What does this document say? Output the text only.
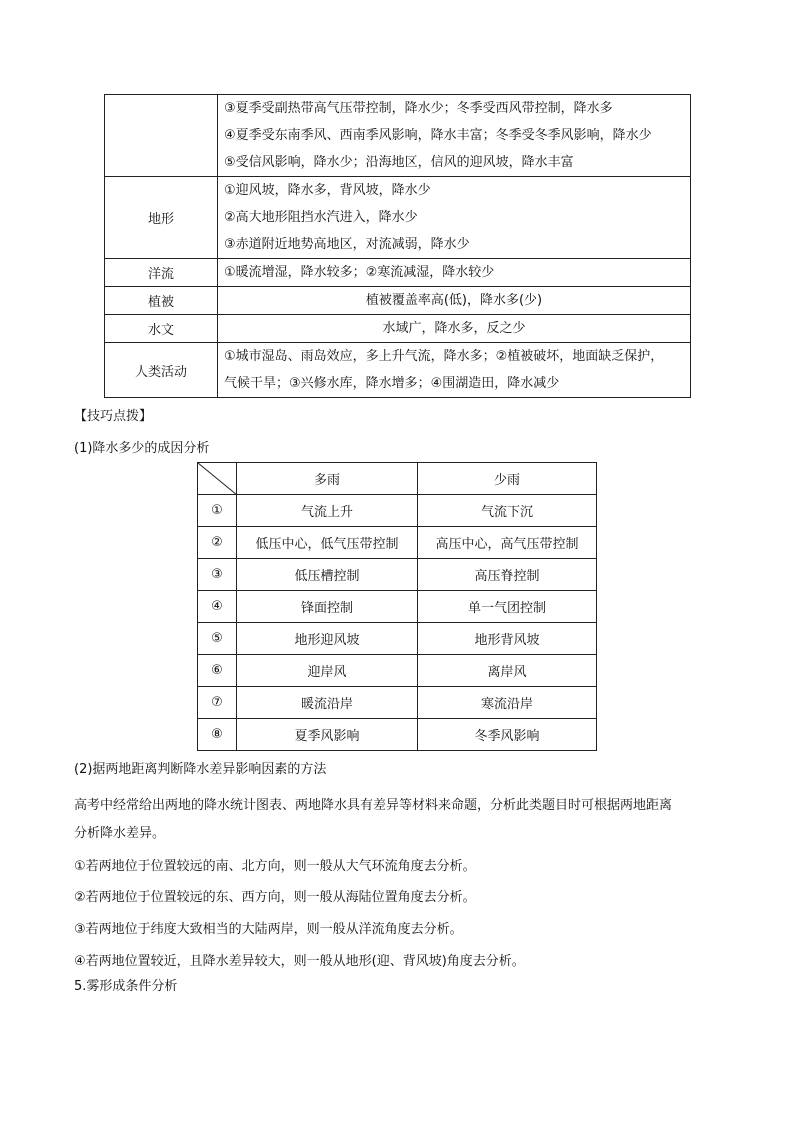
	③夏季受副热带高气压带控制，降水少；冬季受西风带控制，降水多
④夏季受东南季风、西南季风影响，降水丰富；冬季受冬季风影响，降水少
⑤受信风影响，降水少；沿海地区，信风的迎风坡，降水丰富

地形	①迎风坡，降水多，背风坡，降水少
②高大地形阻挡水汽进入，降水少
③赤道附近地势高地区，对流减弱，降水少

洋流	①暖流增湿，降水较多；②寒流减湿，降水较少

植被	植被覆盖率高(低)，降水多(少)

水文	水域广，降水多，反之少

人类活动	①城市湿岛、雨岛效应，多上升气流，降水多；②植被破坏，地面缺乏保护，
气候干旱；③兴修水库，降水增多；④围湖造田，降水减少
【技巧点拨】
(1)降水多少的成因分析
	多雨	少雨
①	气流上升	气流下沉
②	低压中心，低气压带控制	高压中心，高气压带控制
③	低压槽控制	高压脊控制
④	锋面控制	单一气团控制
⑤	地形迎风坡	地形背风坡
⑥	迎岸风	离岸风
⑦	暖流沿岸	寒流沿岸
⑧	夏季风影响	冬季风影响
(2)据两地距离判断降水差异影响因素的方法
高考中经常给出两地的降水统计图表、两地降水具有差异等材料来命题，分析此类题目时可根据两地距离
分析降水差异。
①若两地位于位置较远的南、北方向，则一般从大气环流角度去分析。
②若两地位于位置较远的东、西方向，则一般从海陆位置角度去分析。
③若两地位于纬度大致相当的大陆两岸，则一般从洋流角度去分析。
④若两地位置较近，且降水差异较大，则一般从地形(迎、背风坡)角度去分析。
5.雾形成条件分析
